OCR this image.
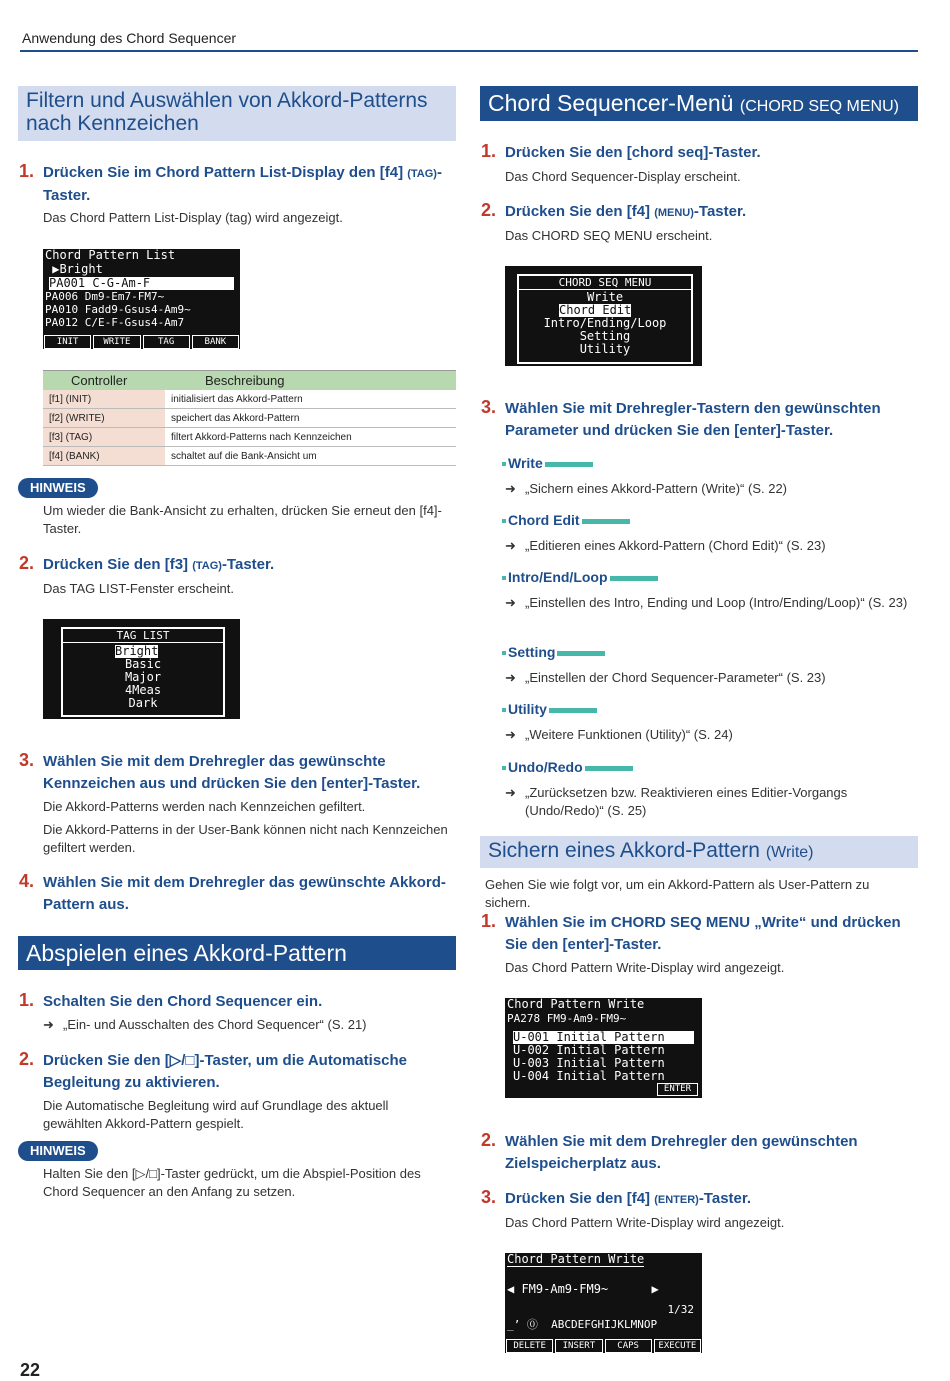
Anwendung des Chord Sequencer
Filtern und Auswählen von Akkord-Patterns nach Kennzeichen
1. Drücken Sie im Chord Pattern List-Display den [f4] (TAG)-Taster.
Das Chord Pattern List-Display (tag) wird angezeigt.
Chord Pattern List
▶Bright
PA001 C-G-Am-F
PA006 Dm9-Em7-FM7~
PA010 Fadd9-Gsus4-Am9~
PA012 C/E-F-Gsus4-Am7
INIT	WRITE	TAG	BANK
Controller	Beschreibung
[f1] (INIT)	initialisiert das Akkord-Pattern
[f2] (WRITE)	speichert das Akkord-Pattern
[f3] (TAG)	filtert Akkord-Patterns nach Kennzeichen
[f4] (BANK)	schaltet auf die Bank-Ansicht um
HINWEIS
Um wieder die Bank-Ansicht zu erhalten, drücken Sie erneut den [f4]-Taster.
2. Drücken Sie den [f3] (TAG)-Taster.
Das TAG LIST-Fenster erscheint.
TAG LIST
Bright
Basic
Major
4Meas
Dark
3. Wählen Sie mit dem Drehregler das gewünschte Kennzeichen aus und drücken Sie den [enter]-Taster.
Die Akkord-Patterns werden nach Kennzeichen gefiltert.
Die Akkord-Patterns in der User-Bank können nicht nach Kennzeichen gefiltert werden.
4. Wählen Sie mit dem Drehregler das gewünschte Akkord-Pattern aus.
Abspielen eines Akkord-Pattern
1. Schalten Sie den Chord Sequencer ein.
➜ „Ein- und Ausschalten des Chord Sequencer“ (S. 21)
2. Drücken Sie den [▷/□]-Taster, um die Automatische Begleitung zu aktivieren.
Die Automatische Begleitung wird auf Grundlage des aktuell gewählten Akkord-Pattern gespielt.
HINWEIS
Halten Sie den [▷/□]-Taster gedrückt, um die Abspiel-Position des Chord Sequencer an den Anfang zu setzen.
Chord Sequencer-Menü (CHORD SEQ MENU)
1. Drücken Sie den [chord seq]-Taster.
Das Chord Sequencer-Display erscheint.
2. Drücken Sie den [f4] (MENU)-Taster.
Das CHORD SEQ MENU erscheint.
CHORD SEQ MENU
Write
Chord Edit
Intro/Ending/Loop
Setting
Utility
3. Wählen Sie mit Drehregler-Tastern den gewünschten Parameter und drücken Sie den [enter]-Taster.
Write
➜ „Sichern eines Akkord-Pattern (Write)“ (S. 22)
Chord Edit
➜ „Editieren eines Akkord-Pattern (Chord Edit)“ (S. 23)
Intro/End/Loop
➜ „Einstellen des Intro, Ending und Loop (Intro/Ending/Loop)“ (S. 23)
Setting
➜ „Einstellen der Chord Sequencer-Parameter“ (S. 23)
Utility
➜ „Weitere Funktionen (Utility)“ (S. 24)
Undo/Redo
➜ „Zurücksetzen bzw. Reaktivieren eines Editier-Vorgangs (Undo/Redo)“ (S. 25)
Sichern eines Akkord-Pattern (Write)
Gehen Sie wie folgt vor, um ein Akkord-Pattern als User-Pattern zu sichern.
1. Wählen Sie im CHORD SEQ MENU „Write“ und drücken Sie den [enter]-Taster.
Das Chord Pattern Write-Display wird angezeigt.
Chord Pattern Write
PA278 FM9-Am9-FM9~
U-001 Initial Pattern
U-002 Initial Pattern
U-003 Initial Pattern
U-004 Initial Pattern
ENTER
2. Wählen Sie mit dem Drehregler den gewünschten Zielspeicherplatz aus.
3. Drücken Sie den [f4] (ENTER)-Taster.
Das Chord Pattern Write-Display wird angezeigt.
Chord Pattern Write
◀ FM9-Am9-FM9~      ▶
1/32
_’ ⓪  ABCDEFGHIJKLMNOP
DELETE	INSERT	CAPS	EXECUTE
22
